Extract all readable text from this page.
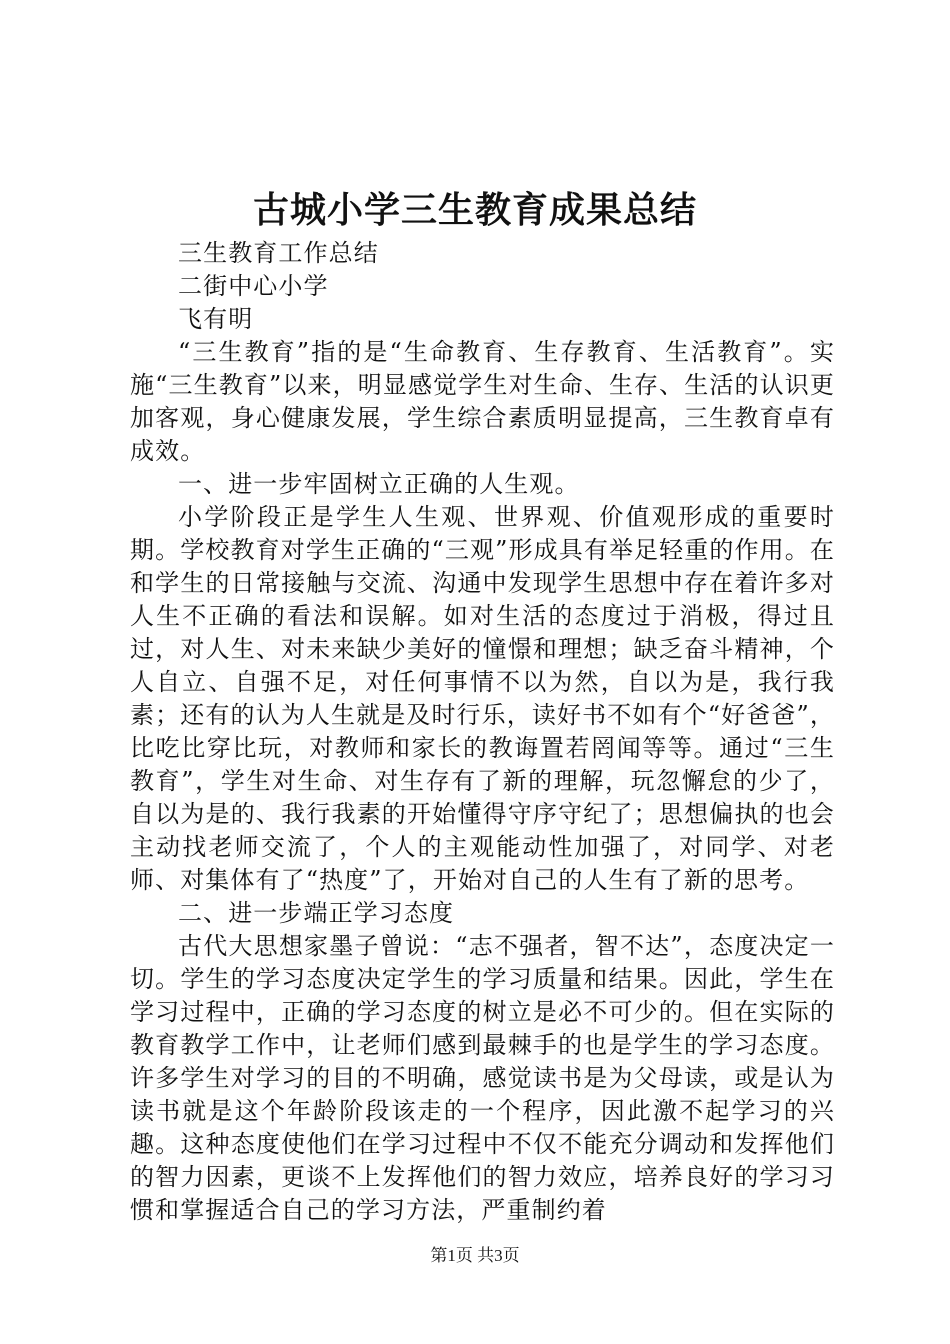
古城小学三生教育成果总结

三生教育工作总结

二街中心小学

飞有明

“三生教育”指的是“生命教育、生存教育、生活教育”。实施“三生教育”以来，明显感觉学生对生命、生存、生活的认识更加客观，身心健康发展，学生综合素质明显提高，三生教育卓有成效。

一、进一步牢固树立正确的人生观。

小学阶段正是学生人生观、世界观、价值观形成的重要时期。学校教育对学生正确的“三观”形成具有举足轻重的作用。在和学生的日常接触与交流、沟通中发现学生思想中存在着许多对人生不正确的看法和误解。如对生活的态度过于消极，得过且过，对人生、对未来缺少美好的憧憬和理想；缺乏奋斗精神，个人自立、自强不足，对任何事情不以为然，自以为是，我行我素；还有的认为人生就是及时行乐，读好书不如有个“好爸爸”，比吃比穿比玩，对教师和家长的教诲置若罔闻等等。通过“三生教育”，学生对生命、对生存有了新的理解，玩忽懈怠的少了，自以为是的、我行我素的开始懂得守序守纪了；思想偏执的也会主动找老师交流了，个人的主观能动性加强了，对同学、对老师、对集体有了“热度”了，开始对自己的人生有了新的思考。

二、进一步端正学习态度

古代大思想家墨子曾说：“志不强者，智不达”，态度决定一切。学生的学习态度决定学生的学习质量和结果。因此，学生在学习过程中，正确的学习态度的树立是必不可少的。但在实际的教育教学工作中，让老师们感到最棘手的也是学生的学习态度。许多学生对学习的目的不明确，感觉读书是为父母读，或是认为读书就是这个年龄阶段该走的一个程序，因此激不起学习的兴趣。这种态度使他们在学习过程中不仅不能充分调动和发挥他们的智力因素，更谈不上发挥他们的智力效应，培养良好的学习习惯和掌握适合自己的学习方法，严重制约着

第1页 共3页
